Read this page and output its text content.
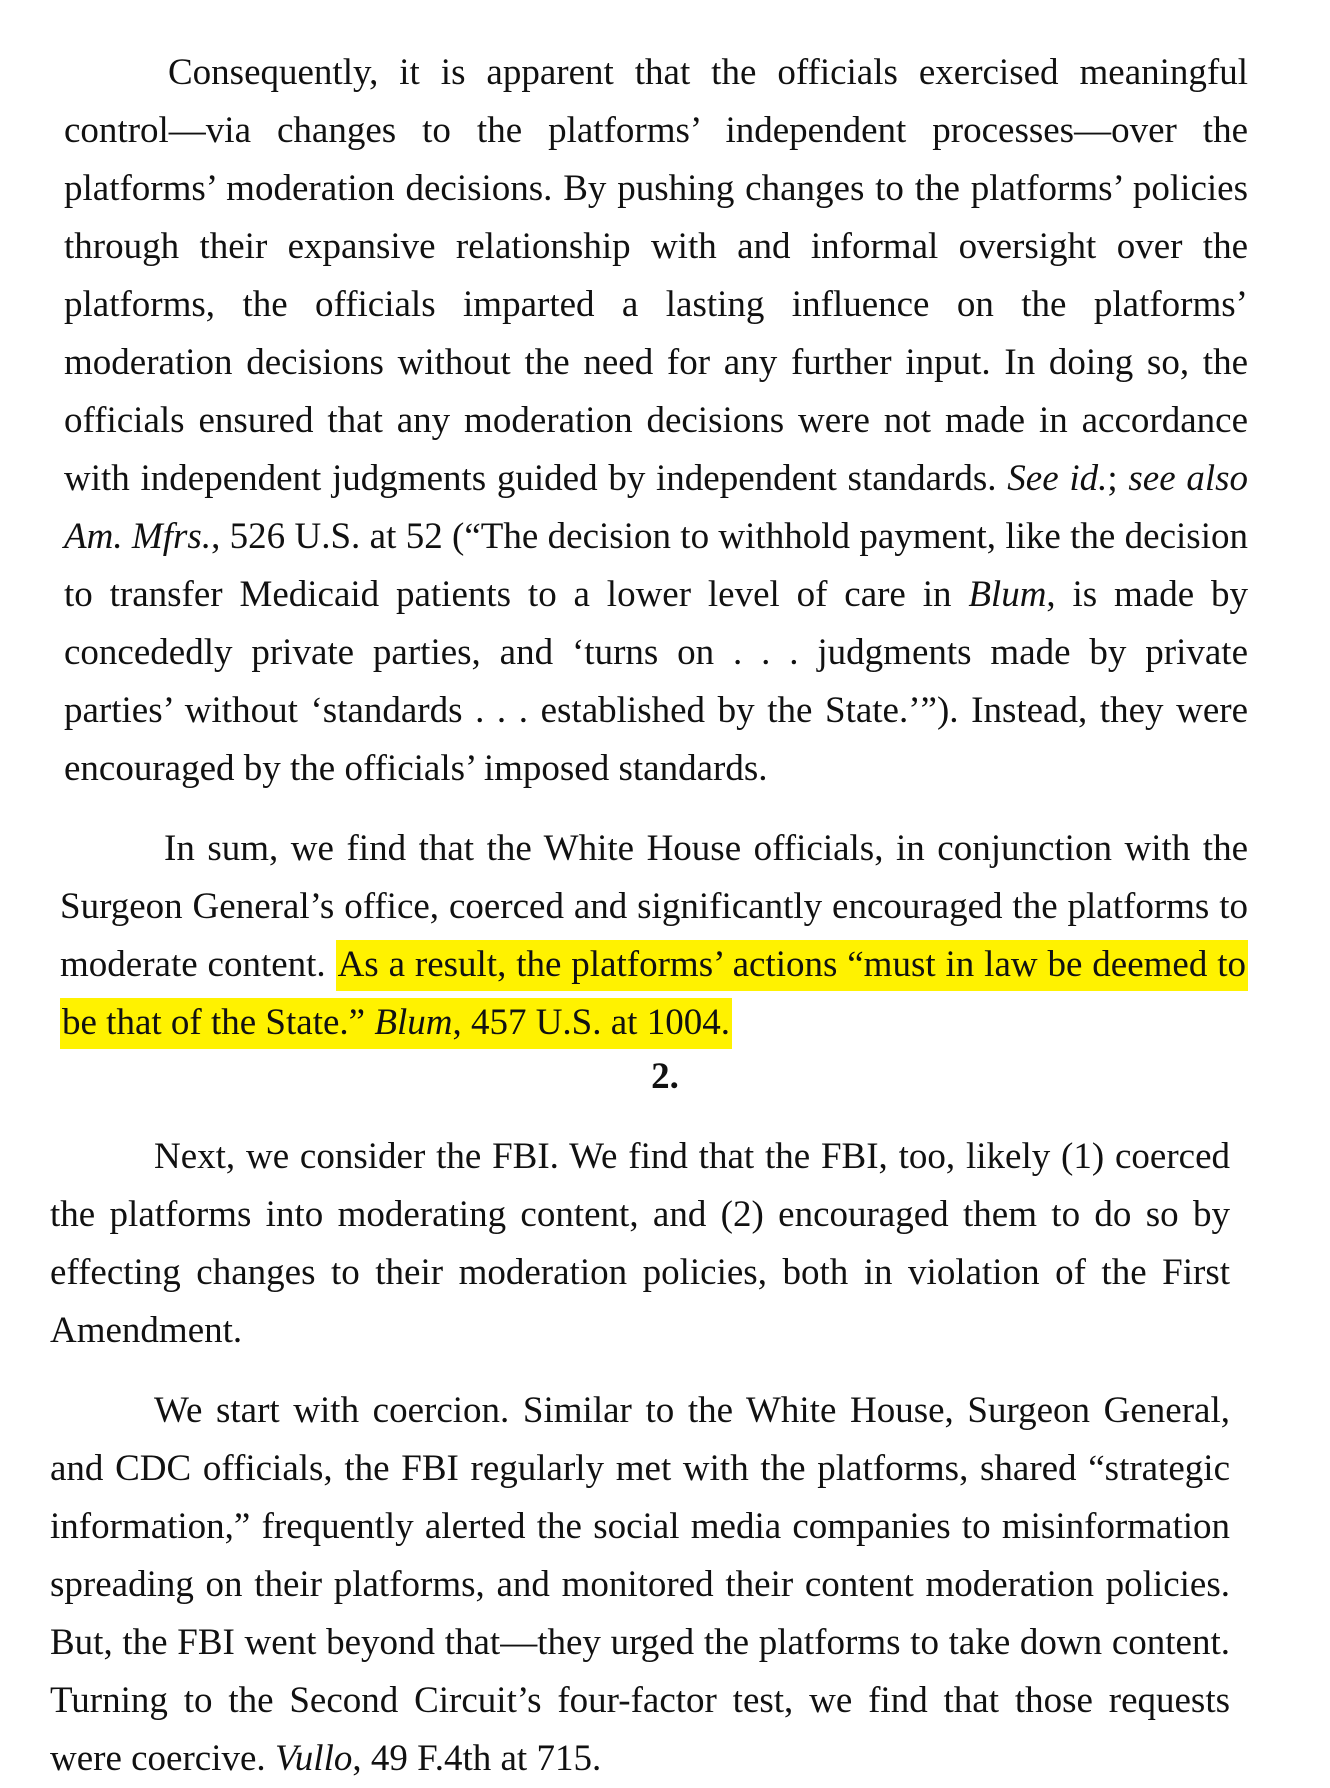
Consequently, it is apparent that the officials exercised meaningful control—via changes to the platforms’ independent processes—over the platforms’ moderation decisions. By pushing changes to the platforms’ policies through their expansive relationship with and informal oversight over the platforms, the officials imparted a lasting influence on the platforms’ moderation decisions without the need for any further input. In doing so, the officials ensured that any moderation decisions were not made in accordance with independent judgments guided by independent standards. See id.; see also Am. Mfrs., 526 U.S. at 52 (“The decision to withhold payment, like the decision to transfer Medicaid patients to a lower level of care in Blum, is made by concededly private parties, and ‘turns on . . . judgments made by private parties’ without ‘standards . . . established by the State.’”). Instead, they were encouraged by the officials’ imposed standards.

In sum, we find that the White House officials, in conjunction with the Surgeon General’s office, coerced and significantly encouraged the platforms to moderate content. As a result, the platforms’ actions “must in law be deemed to be that of the State.” Blum, 457 U.S. at 1004.

2.

Next, we consider the FBI. We find that the FBI, too, likely (1) coerced the platforms into moderating content, and (2) encouraged them to do so by effecting changes to their moderation policies, both in violation of the First Amendment.

We start with coercion. Similar to the White House, Surgeon General, and CDC officials, the FBI regularly met with the platforms, shared “strategic information,” frequently alerted the social media companies to misinformation spreading on their platforms, and monitored their content moderation policies. But, the FBI went beyond that—they urged the platforms to take down content. Turning to the Second Circuit’s four-factor test, we find that those requests were coercive. Vullo, 49 F.4th at 715.
